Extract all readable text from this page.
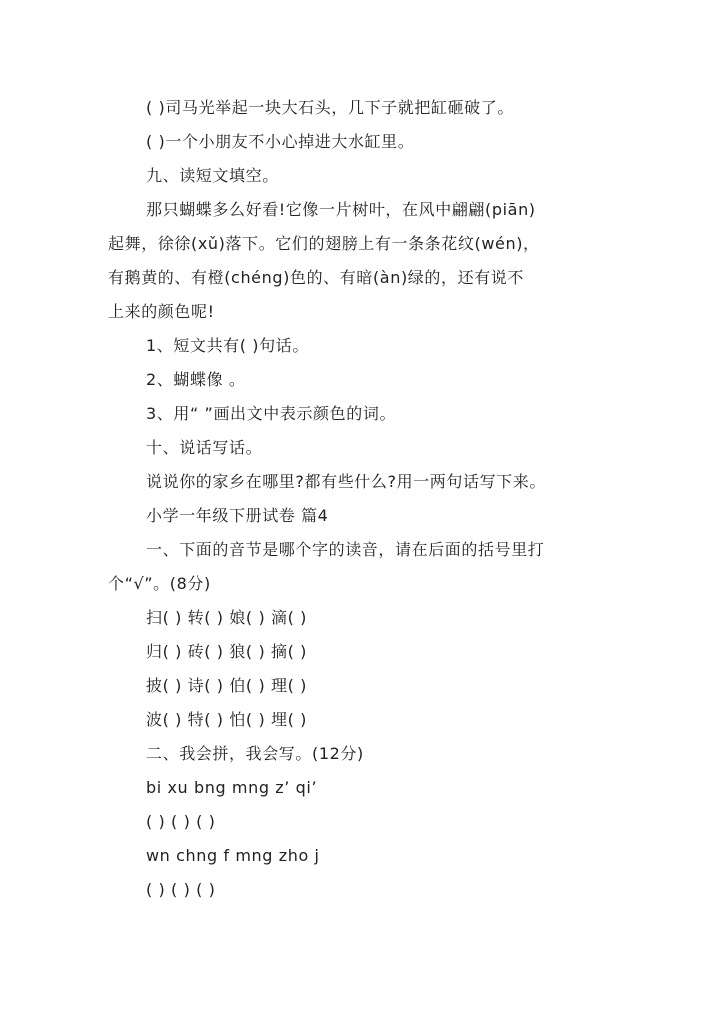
( )司马光举起一块大石头，几下子就把缸砸破了。
( )一个小朋友不小心掉进大水缸里。
九、读短文填空。
那只蝴蝶多么好看!它像一片树叶，在风中翩翩(piān)
起舞，徐徐(xǔ)落下。它们的翅膀上有一条条花纹(wén)，
有鹅黄的、有橙(chéng)色的、有暗(àn)绿的，还有说不
上来的颜色呢!
1、短文共有( )句话。
2、蝴蝶像 。
3、用“ ”画出文中表示颜色的词。
十、说话写话。
说说你的家乡在哪里?都有些什么?用一两句话写下来。
小学一年级下册试卷 篇4
一、下面的音节是哪个字的读音，请在后面的括号里打
个“√”。(8分)
扫( ) 转( ) 娘( ) 滴( )
归( ) 砖( ) 狼( ) 摘( )
披( ) 诗( ) 伯( ) 理( )
波( ) 特( ) 怕( ) 埋( )
二、我会拼，我会写。(12分)
bi xu bng mng z’ qi’
( ) ( ) ( )
wn chng f mng zho j
( ) ( ) ( )
